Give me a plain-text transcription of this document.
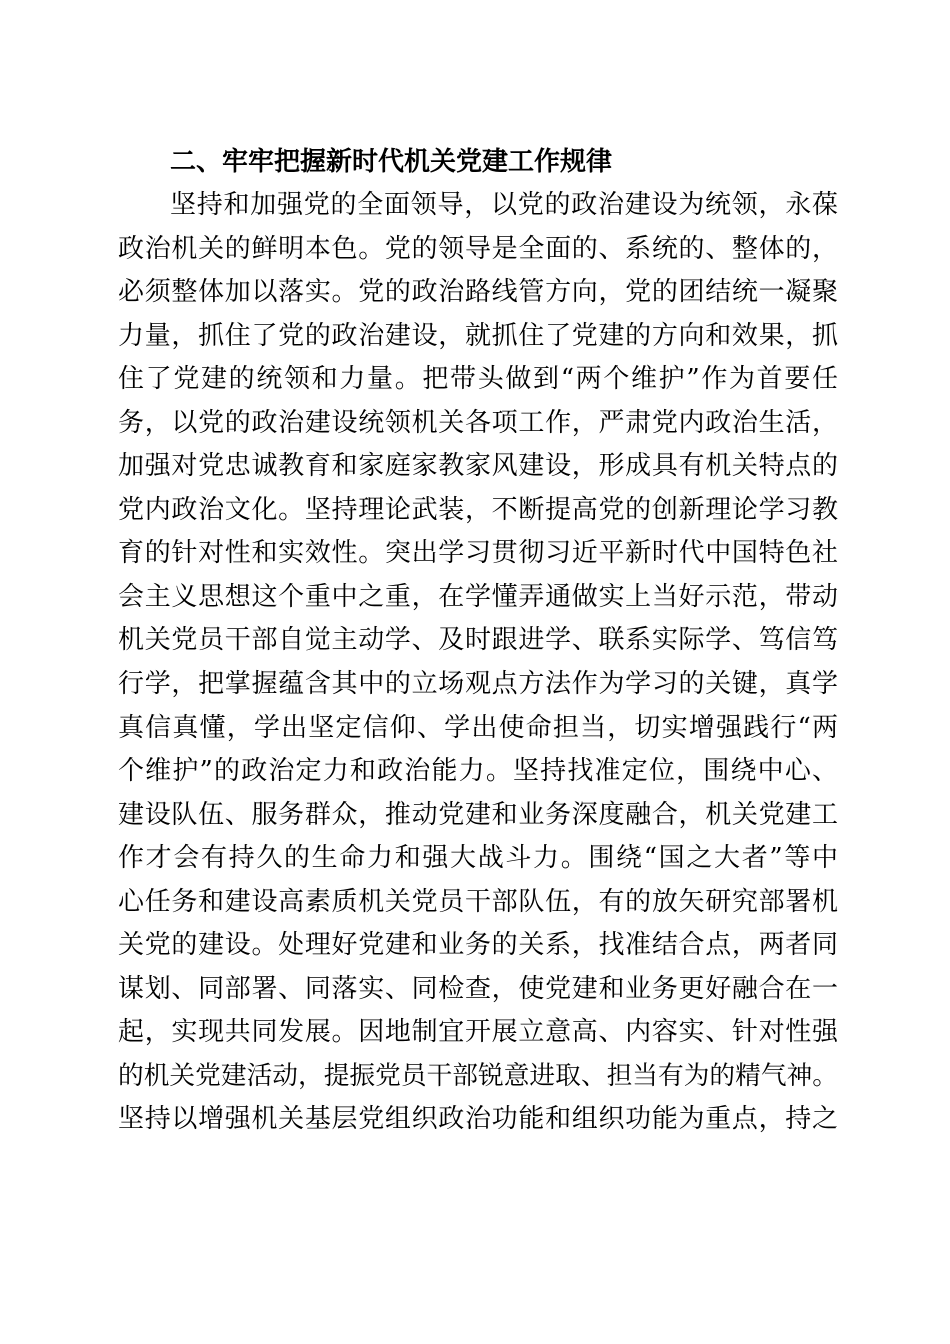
二、牢牢把握新时代机关党建工作规律
坚持和加强党的全面领导，以党的政治建设为统领，永葆
政治机关的鲜明本色。党的领导是全面的、系统的、整体的，
必须整体加以落实。党的政治路线管方向，党的团结统一凝聚
力量，抓住了党的政治建设，就抓住了党建的方向和效果，抓
住了党建的统领和力量。把带头做到“两个维护”作为首要任
务，以党的政治建设统领机关各项工作，严肃党内政治生活，
加强对党忠诚教育和家庭家教家风建设，形成具有机关特点的
党内政治文化。坚持理论武装，不断提高党的创新理论学习教
育的针对性和实效性。突出学习贯彻习近平新时代中国特色社
会主义思想这个重中之重，在学懂弄通做实上当好示范，带动
机关党员干部自觉主动学、及时跟进学、联系实际学、笃信笃
行学，把掌握蕴含其中的立场观点方法作为学习的关键，真学
真信真懂，学出坚定信仰、学出使命担当，切实增强践行“两
个维护”的政治定力和政治能力。坚持找准定位，围绕中心、
建设队伍、服务群众，推动党建和业务深度融合，机关党建工
作才会有持久的生命力和强大战斗力。围绕“国之大者”等中
心任务和建设高素质机关党员干部队伍，有的放矢研究部署机
关党的建设。处理好党建和业务的关系，找准结合点，两者同
谋划、同部署、同落实、同检查，使党建和业务更好融合在一
起，实现共同发展。因地制宜开展立意高、内容实、针对性强
的机关党建活动，提振党员干部锐意进取、担当有为的精气神。
坚持以增强机关基层党组织政治功能和组织功能为重点，持之
